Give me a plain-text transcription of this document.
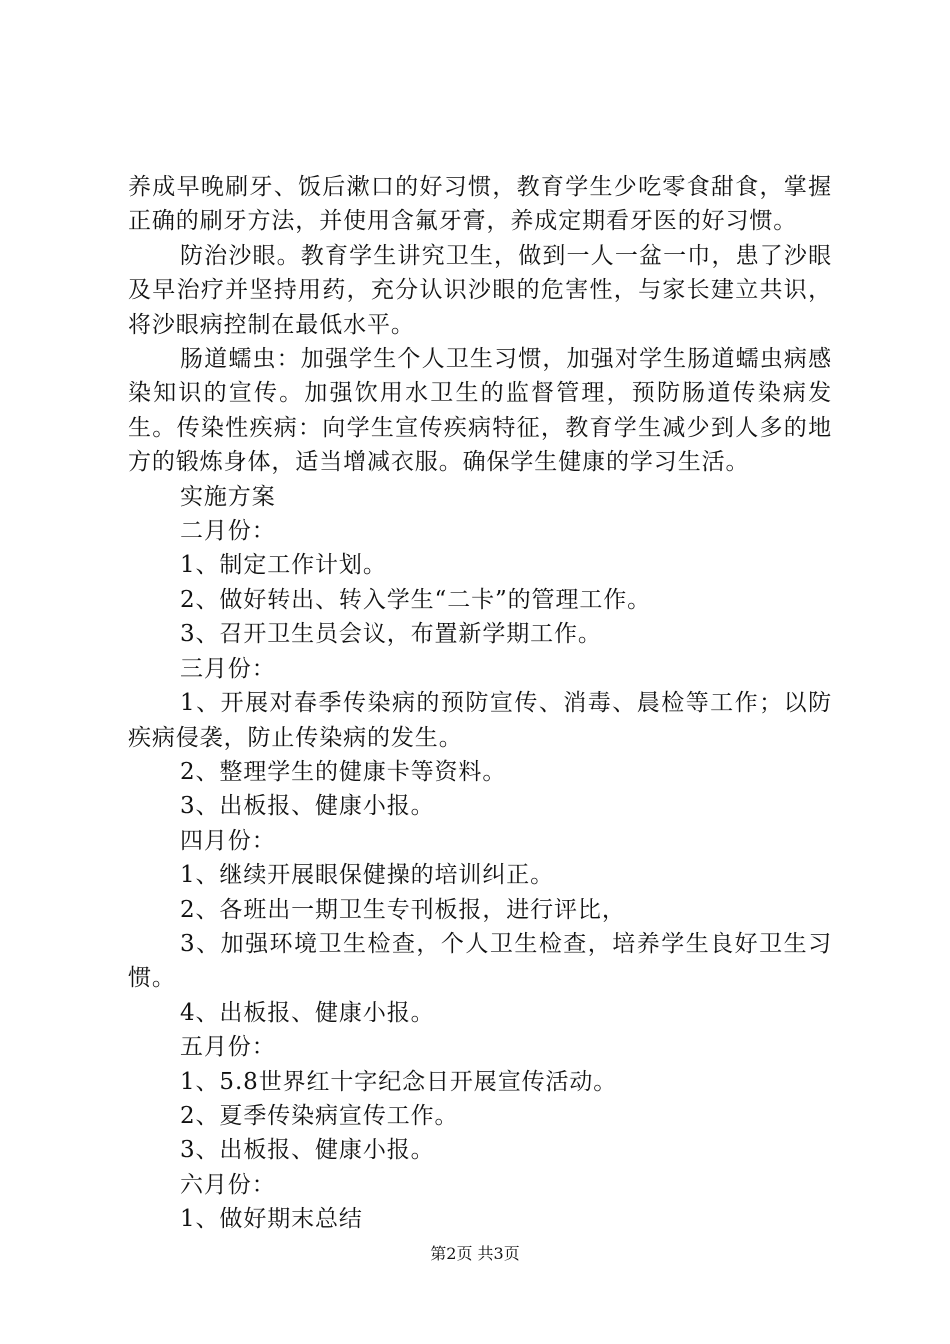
养成早晚刷牙、饭后漱口的好习惯，教育学生少吃零食甜食，掌握正确的刷牙方法，并使用含氟牙膏，养成定期看牙医的好习惯。

防治沙眼。教育学生讲究卫生，做到一人一盆一巾，患了沙眼及早治疗并坚持用药，充分认识沙眼的危害性，与家长建立共识，将沙眼病控制在最低水平。

肠道蠕虫：加强学生个人卫生习惯，加强对学生肠道蠕虫病感染知识的宣传。加强饮用水卫生的监督管理，预防肠道传染病发生。传染性疾病：向学生宣传疾病特征，教育学生减少到人多的地方的锻炼身体，适当增减衣服。确保学生健康的学习生活。

实施方案

二月份：

1、制定工作计划。

2、做好转出、转入学生“二卡”的管理工作。

3、召开卫生员会议，布置新学期工作。

三月份：

1、开展对春季传染病的预防宣传、消毒、晨检等工作；以防疾病侵袭，防止传染病的发生。

2、整理学生的健康卡等资料。

3、出板报、健康小报。

四月份：

1、继续开展眼保健操的培训纠正。

2、各班出一期卫生专刊板报，进行评比，

3、加强环境卫生检查，个人卫生检查，培养学生良好卫生习惯。

4、出板报、健康小报。

五月份：

1、5.8世界红十字纪念日开展宣传活动。

2、夏季传染病宣传工作。

3、出板报、健康小报。

六月份：

1、做好期末总结

第2页 共3页
